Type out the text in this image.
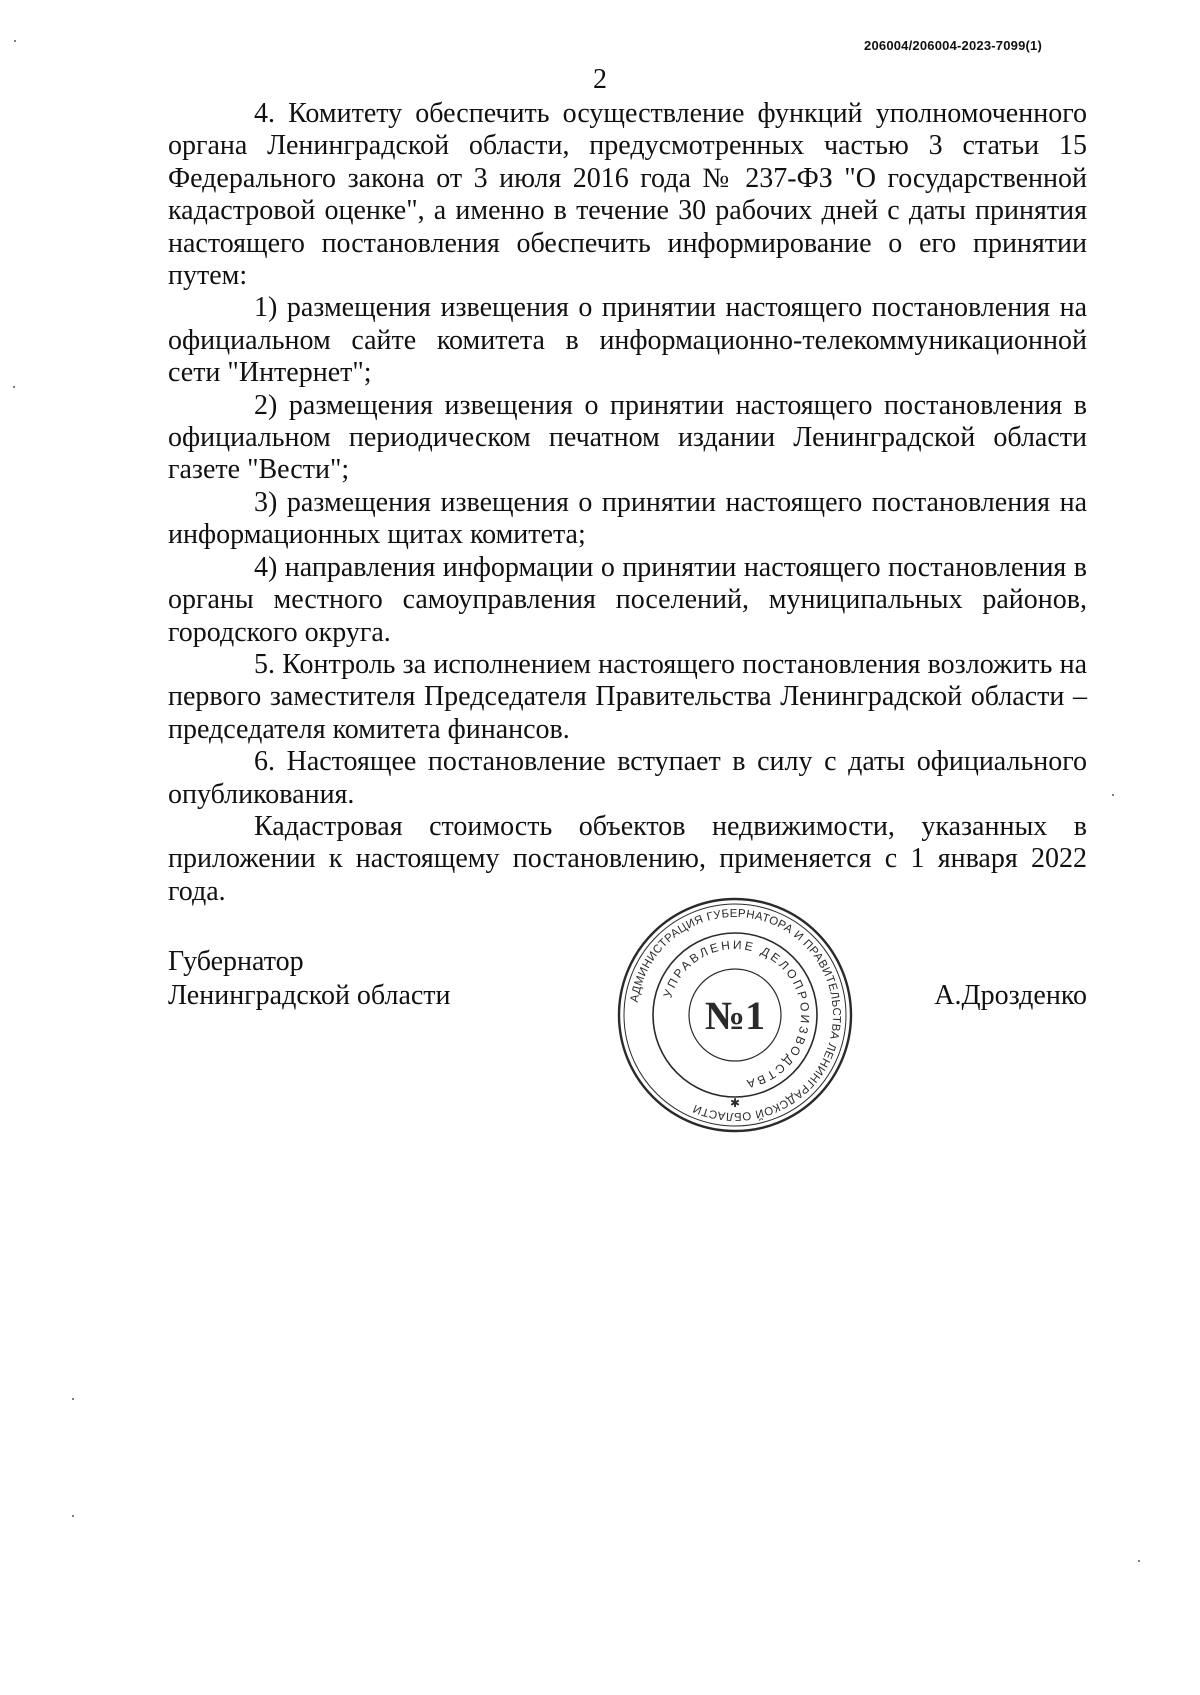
206004/206004-2023-7099(1)
2

4. Комитету обеспечить осуществление функций уполномоченного органа Ленинградской области, предусмотренных частью 3 статьи 15 Федерального закона от 3 июля 2016 года № 237-ФЗ "О государственной кадастровой оценке", а именно в течение 30 рабочих дней с даты принятия настоящего постановления обеспечить информирование о его принятии путем:

1) размещения извещения о принятии настоящего постановления на официальном сайте комитета в информационно-телекоммуникационной сети "Интернет";

2) размещения извещения о принятии настоящего постановления в официальном периодическом печатном издании Ленинградской области газете "Вести";

3) размещения извещения о принятии настоящего постановления на информационных щитах комитета;

4) направления информации о принятии настоящего постановления в органы местного самоуправления поселений, муниципальных районов, городского округа.

5. Контроль за исполнением настоящего постановления возложить на первого заместителя Председателя Правительства Ленинградской области – председателя комитета финансов.

6. Настоящее постановление вступает в силу с даты официального опубликования.

Кадастровая стоимость объектов недвижимости, указанных в приложении к настоящему постановлению, применяется с 1 января 2022 года.

Губернатор
Ленинградской области	А.Дрозденко
АДМИНИСТРАЦИЯ ГУБЕРНАТОРА И ПРАВИТЕЛЬСТВА ЛЕНИНГРАДСКОЙ ОБЛАСТИ
УПРАВЛЕНИЕ ДЕЛОПРОИЗВОДСТВА
✱
№1
